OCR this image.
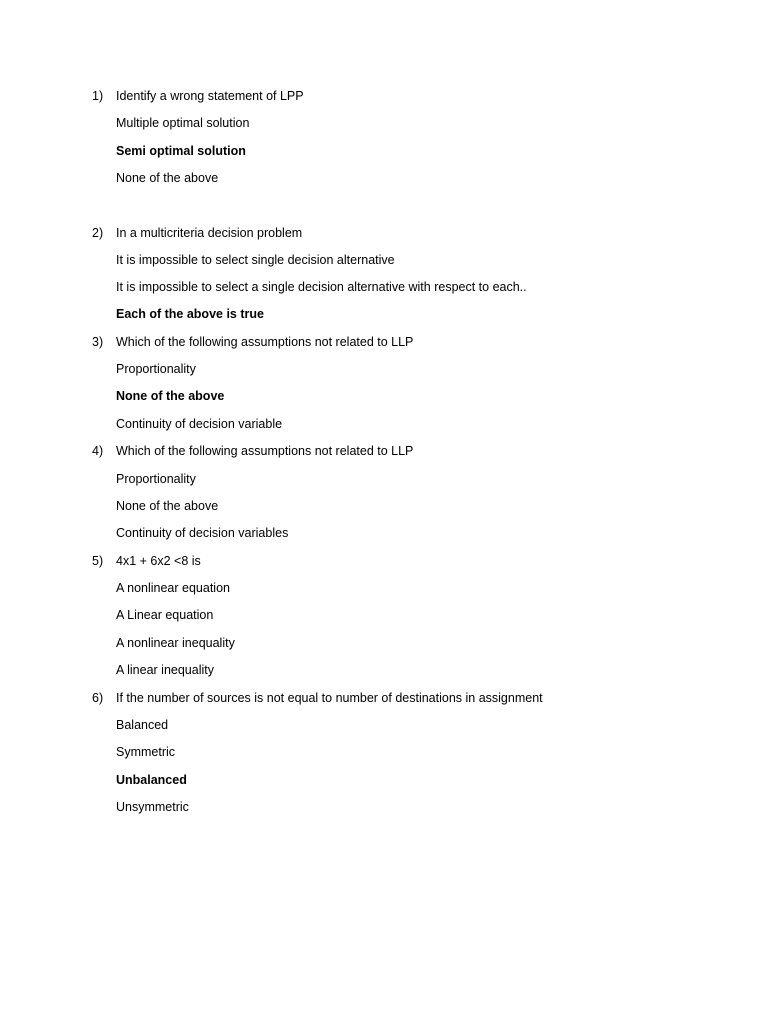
1) Identify a wrong statement of LPP
Multiple optimal solution
Semi optimal solution
None of the above
2) In a multicriteria decision problem
It is impossible to select single decision alternative
It is impossible to select a single decision alternative with respect to each..
Each of the above is true
3) Which of the following assumptions not related to LLP
Proportionality
None of the above
Continuity of decision variable
4) Which of the following assumptions not related to LLP
Proportionality
None of the above
Continuity of decision variables
5) 4x1 + 6x2 <8 is
A nonlinear equation
A Linear equation
A nonlinear inequality
A linear inequality
6) If the number of sources is not equal to number of destinations in assignment
Balanced
Symmetric
Unbalanced
Unsymmetric
